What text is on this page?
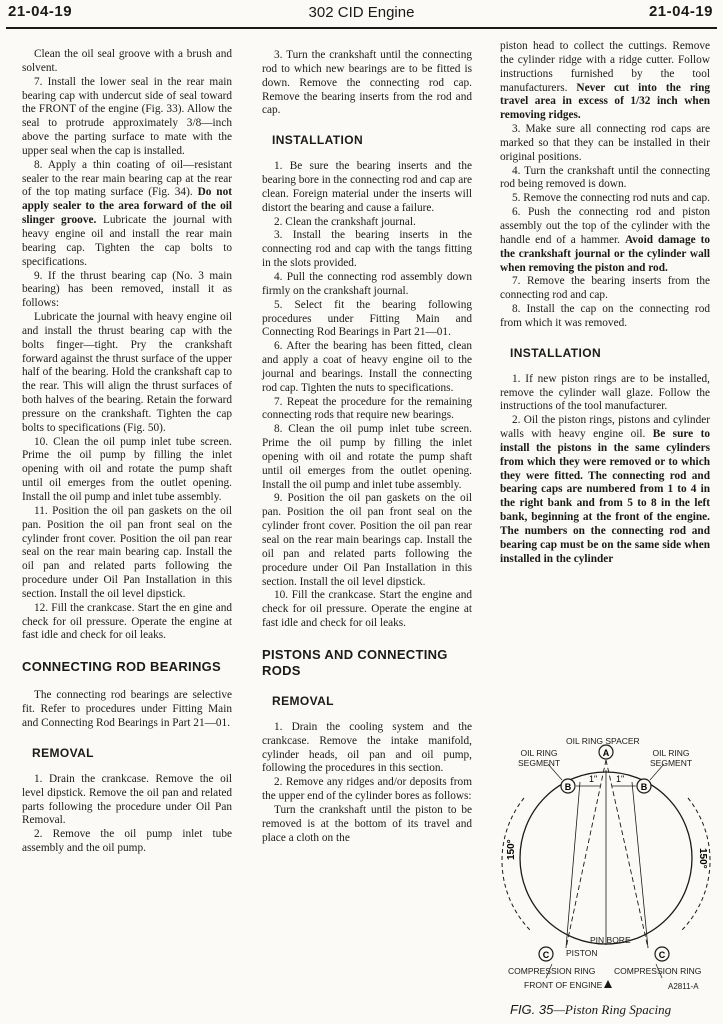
21-04-19	302 CID Engine	21-04-19

Clean the oil seal groove with a brush and solvent.

7. Install the lower seal in the rear main bearing cap with undercut side of seal toward the FRONT of the engine (Fig. 33). Allow the seal to protrude approximately 3/8—inch above the parting surface to mate with the upper seal when the cap is installed.

8. Apply a thin coating of oil—resistant sealer to the rear main bearing cap at the rear of the top mating surface (Fig. 34). Do not apply sealer to the area forward of the oil slinger groove. Lubricate the journal with heavy engine oil and install the rear main bearing cap. Tighten the cap bolts to specifications.

9. If the thrust bearing cap (No. 3 main bearing) has been removed, install it as follows:

Lubricate the journal with heavy engine oil and install the thrust bearing cap with the bolts finger—tight. Pry the crankshaft forward against the thrust surface of the upper half of the bearing. Hold the crankshaft cap to the rear. This will align the thrust surfaces of both halves of the bearing. Retain the forward pressure on the crankshaft. Tighten the cap bolts to specifications (Fig. 50).

10. Clean the oil pump inlet tube screen. Prime the oil pump by filling the inlet opening with oil and rotate the pump shaft until oil emerges from the outlet opening. Install the oil pump and inlet tube assembly.

11. Position the oil pan gaskets on the oil pan. Position the oil pan front seal on the cylinder front cover. Position the oil pan rear seal on the rear main bearing cap. Install the oil pan and related parts following the procedure under Oil Pan Installation in this section. Install the oil level dipstick.

12. Fill the crankcase. Start the en gine and check for oil pressure. Operate the engine at fast idle and check for oil leaks.

CONNECTING ROD BEARINGS

The connecting rod bearings are selective fit. Refer to procedures under Fitting Main and Connecting Rod Bearings in Part 21—01.

REMOVAL

1. Drain the crankcase. Remove the oil level dipstick. Remove the oil pan and related parts following the procedure under Oil Pan Removal.

2. Remove the oil pump inlet tube assembly and the oil pump.

3. Turn the crankshaft until the connecting rod to which new bearings are to be fitted is down. Remove the connecting rod cap. Remove the bearing inserts from the rod and cap.

INSTALLATION

1. Be sure the bearing inserts and the bearing bore in the connecting rod and cap are clean. Foreign material under the inserts will distort the bearing and cause a failure.

2. Clean the crankshaft journal.

3. Install the bearing inserts in the connecting rod and cap with the tangs fitting in the slots provided.

4. Pull the connecting rod assembly down firmly on the crankshaft journal.

5. Select fit the bearing following procedures under Fitting Main and Connecting Rod Bearings in Part 21—01.

6. After the bearing has been fitted, clean and apply a coat of heavy engine oil to the journal and bearings. Install the connecting rod cap. Tighten the nuts to specifications.

7. Repeat the procedure for the remaining connecting rods that require new bearings.

8. Clean the oil pump inlet tube screen. Prime the oil pump by filling the inlet opening with oil and rotate the pump shaft until oil emerges from the outlet opening. Install the oil pump and inlet tube assembly.

9. Position the oil pan gaskets on the oil pan. Position the oil pan front seal on the cylinder front cover. Position the oil pan rear seal on the rear main bearings cap. Install the oil pan and related parts following the procedure under Oil Pan Installation in this section. Install the oil level dipstick.

10. Fill the crankcase. Start the engine and check for oil pressure. Operate the engine at fast idle and check for oil leaks.

PISTONS AND CONNECTING RODS
REMOVAL

1. Drain the cooling system and the crankcase. Remove the intake manifold, cylinder heads, oil pan and oil pump, following the procedures in this section.

2. Remove any ridges and/or deposits from the upper end of the cylinder bores as follows:

Turn the crankshaft until the piston to be removed is at the bottom of its travel and place a cloth on the

piston head to collect the cuttings. Remove the cylinder ridge with a ridge cutter. Follow instructions furnished by the tool manufacturers. Never cut into the ring travel area in excess of 1/32 inch when removing ridges.

3. Make sure all connecting rod caps are marked so that they can be installed in their original positions.

4. Turn the crankshaft until the connecting rod being removed is down.

5. Remove the connecting rod nuts and cap.

6. Push the connecting rod and piston assembly out the top of the cylinder with the handle end of a hammer. Avoid damage to the crankshaft journal or the cylinder wall when removing the piston and rod.

7. Remove the bearing inserts from the connecting rod and cap.

8. Install the cap on the connecting rod from which it was removed.

INSTALLATION

1. If new piston rings are to be installed, remove the cylinder wall glaze. Follow the instructions of the tool manufacturer.

2. Oil the piston rings, pistons and cylinder walls with heavy engine oil. Be sure to install the pistons in the same cylinders from which they were removed or to which they were fitted. The connecting rod and bearing caps are numbered from 1 to 4 in the right bank and from 5 to 8 in the left bank, beginning at the front of the engine. The numbers on the connecting rod and bearing cap must be on the same side when installed in the cylinder

A
B	B
C	C
1" 1"
150°	150°
OIL RING SPACER
OIL RING
SEGMENT
OIL RING
SEGMENT
PIN BORE
PISTON
COMPRESSION RING COMPRESSION RING
FRONT OF ENGINE	A2811-A
FIG. 35—Piston Ring Spacing
